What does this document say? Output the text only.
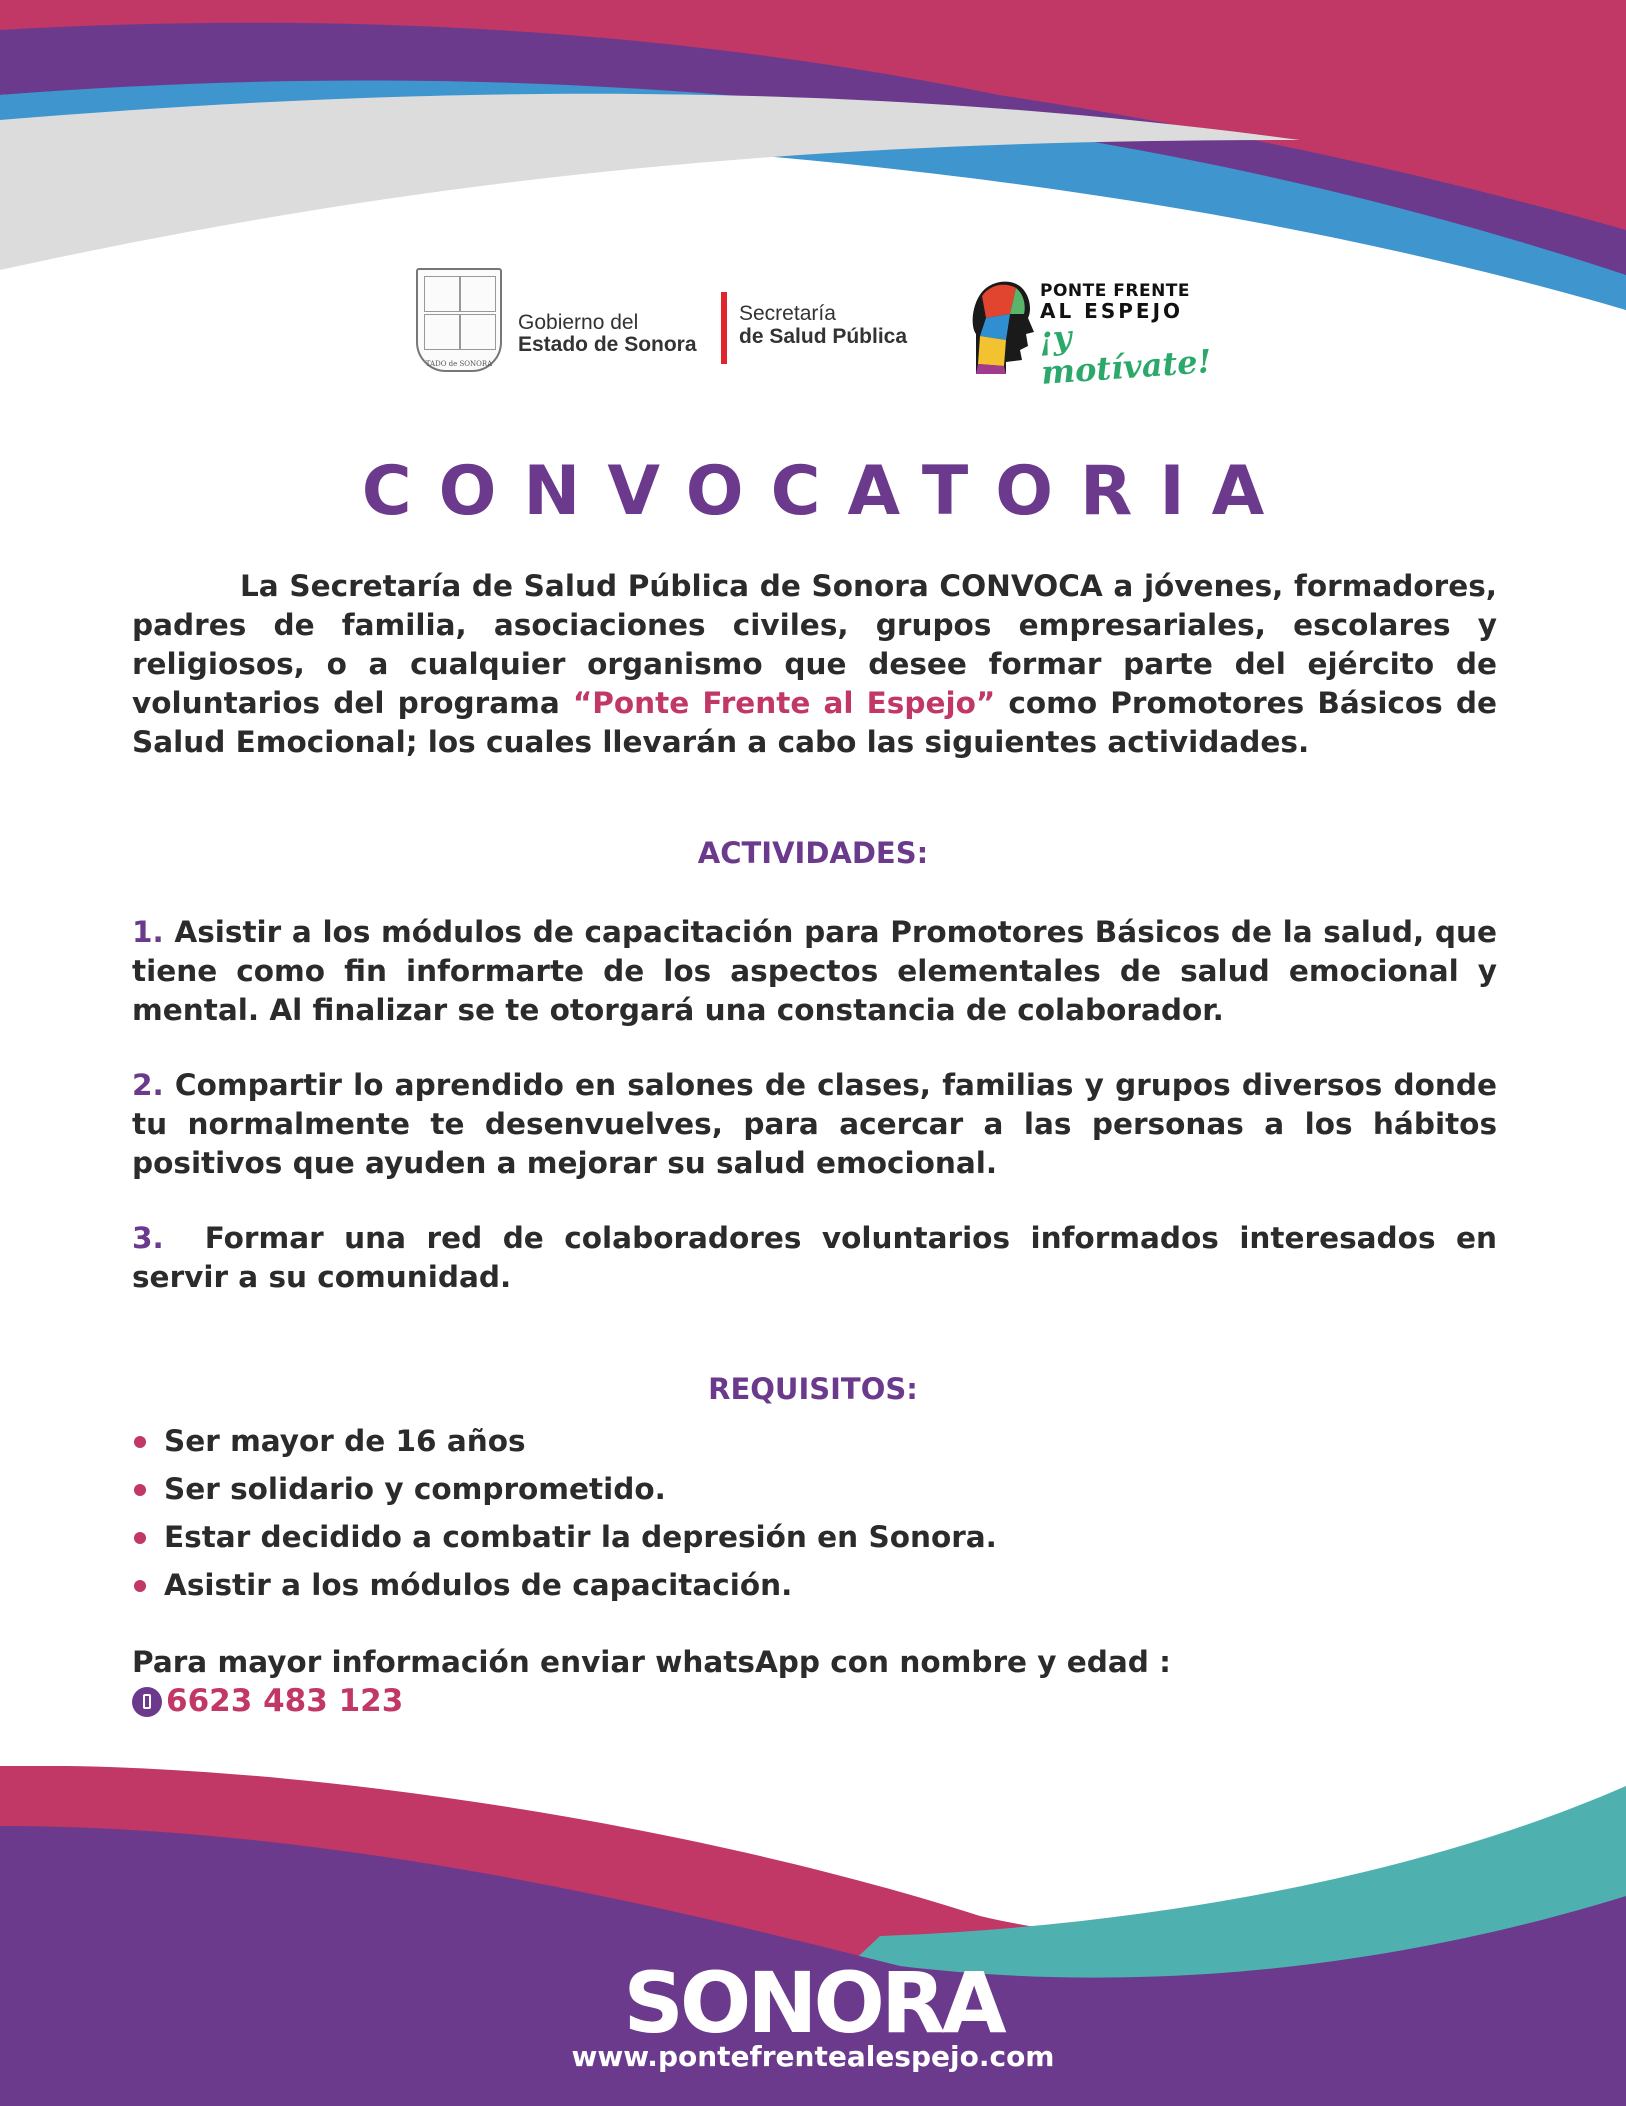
TADO de SONORA
Gobierno del
Estado de Sonora
Secretaría
de Salud Pública
PONTE FRENTE
AL ESPEJO
¡y motívate!
CONVOCATORIA
La Secretaría de Salud Pública de Sonora CONVOCA a jóvenes, formadores, padres de familia, asociaciones civiles, grupos empresariales, escolares y religiosos, o a cualquier organismo que desee formar parte del ejército de voluntarios del programa “Ponte Frente al Espejo” como Promotores Básicos de Salud Emocional; los cuales llevarán a cabo las siguientes actividades.
ACTIVIDADES:
1. Asistir a los módulos de capacitación para Promotores Básicos de la salud, que tiene como fin informarte de los aspectos elementales de salud emocional y mental. Al finalizar se te otorgará una constancia de colaborador.
2. Compartir lo aprendido en salones de clases, familias y grupos diversos donde tu normalmente te desenvuelves, para acercar a las personas a los hábitos positivos que ayuden a mejorar su salud emocional.
3.  Formar una red de colaboradores voluntarios informados interesados en servir a su comunidad.
REQUISITOS:
Ser mayor de 16 años
Ser solidario y comprometido.
Estar decidido a combatir la depresión en Sonora.
Asistir a los módulos de capacitación.
Para mayor información enviar whatsApp con nombre y edad :
6623 483 123
SONORA
www.pontefrentealespejo.com
